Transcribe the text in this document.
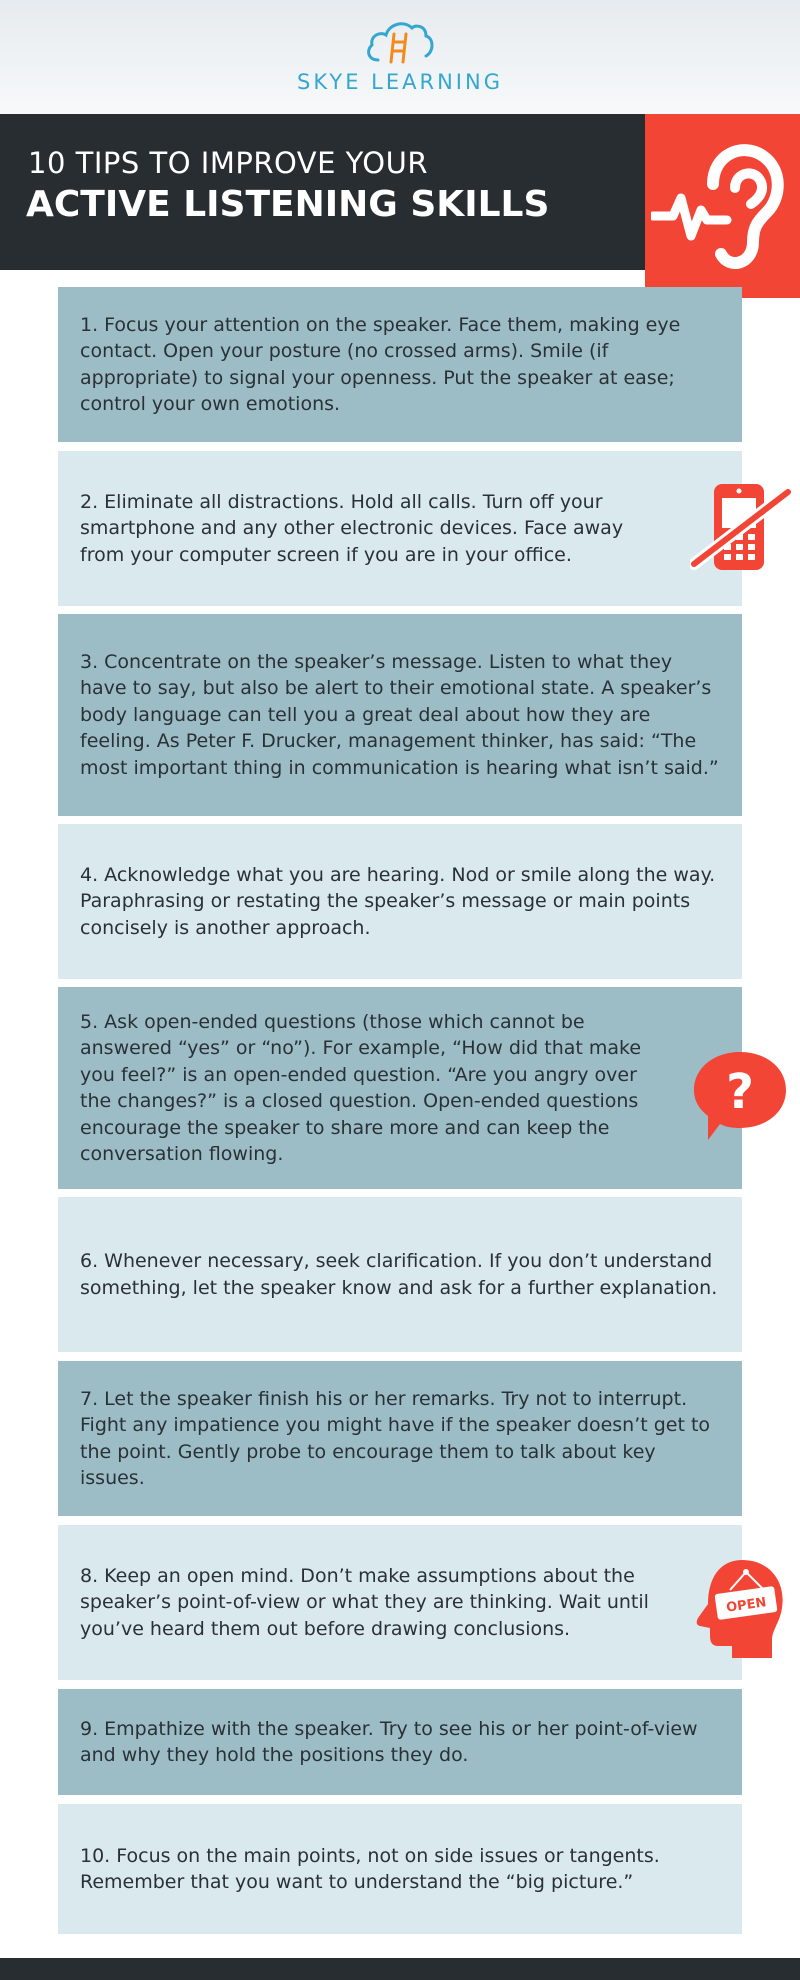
SKYE LEARNING
10 TIPS TO IMPROVE YOUR
ACTIVE LISTENING SKILLS
1. Focus your attention on the speaker. Face them, making eye contact. Open your posture (no crossed arms). Smile (if appropriate) to signal your openness. Put the speaker at ease; control your own emotions.
2. Eliminate all distractions. Hold all calls. Turn off your smartphone and any other electronic devices. Face away from your computer screen if you are in your office.
3. Concentrate on the speaker’s message. Listen to what they have to say, but also be alert to their emotional state. A speaker’s body language can tell you a great deal about how they are feeling. As Peter F. Drucker, management thinker, has said: “The most important thing in communication is hearing what isn’t said.”
4. Acknowledge what you are hearing. Nod or smile along the way. Paraphrasing or restating the speaker’s message or main points concisely is another approach.
5. Ask open-ended questions (those which cannot be answered “yes” or “no”). For example, “How did that make you feel?” is an open-ended question. “Are you angry over the changes?” is a closed question. Open-ended questions encourage the speaker to share more and can keep the conversation flowing.
?
6. Whenever necessary, seek clarification. If you don’t understand something, let the speaker know and ask for a further explanation.
7. Let the speaker finish his or her remarks. Try not to interrupt. Fight any impatience you might have if the speaker doesn’t get to the point. Gently probe to encourage them to talk about key issues.
8. Keep an open mind. Don’t make assumptions about the speaker’s point-of-view or what they are thinking. Wait until you’ve heard them out before drawing conclusions.
OPEN
9. Empathize with the speaker. Try to see his or her point-of-view and why they hold the positions they do.
10. Focus on the main points, not on side issues or tangents. Remember that you want to understand the “big picture.”
